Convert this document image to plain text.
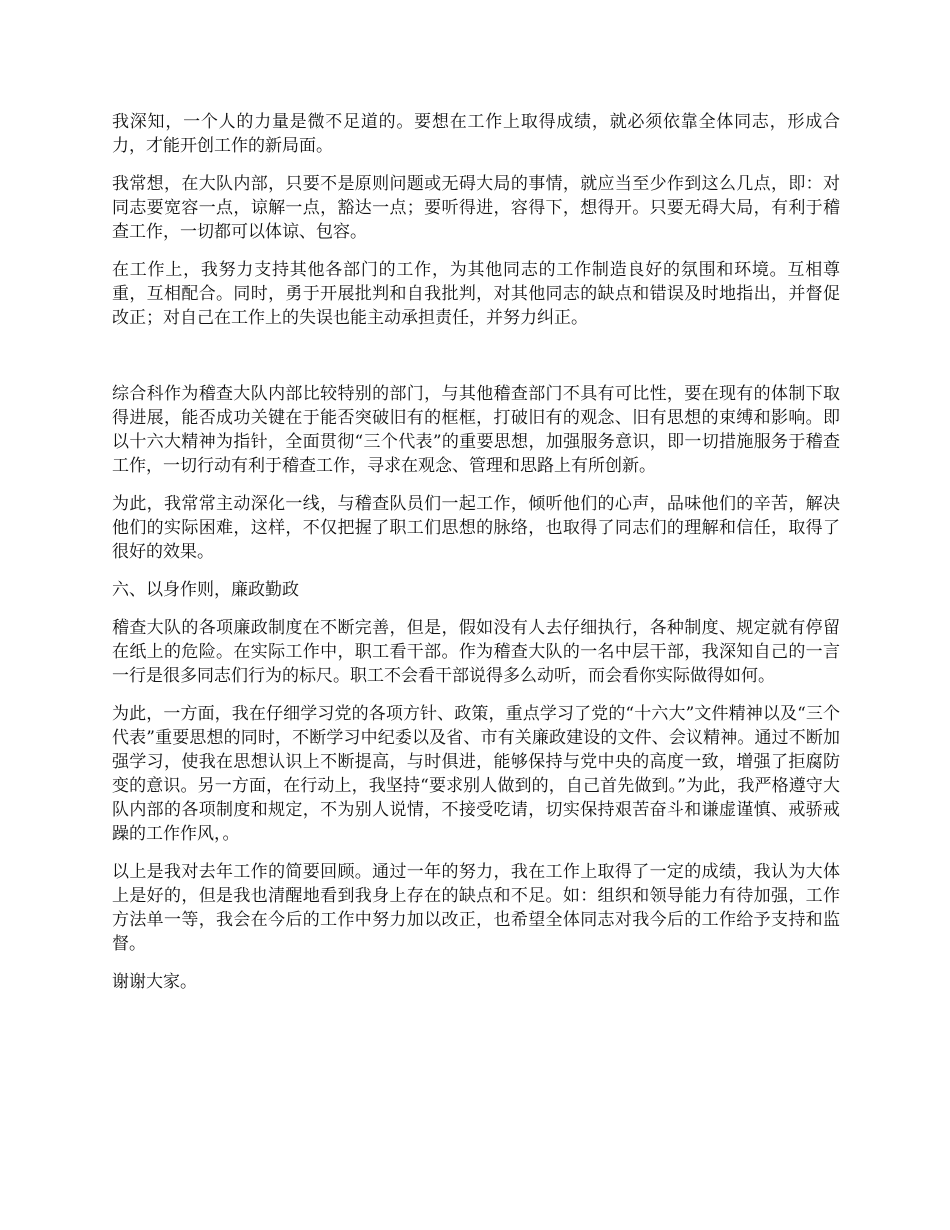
我深知，一个人的力量是微不足道的。要想在工作上取得成绩，就必须依靠全体同志，形成合力，才能开创工作的新局面。

我常想，在大队内部，只要不是原则问题或无碍大局的事情，就应当至少作到这么几点，即：对同志要宽容一点，谅解一点，豁达一点；要听得进，容得下，想得开。只要无碍大局，有利于稽查工作，一切都可以体谅、包容。

在工作上，我努力支持其他各部门的工作，为其他同志的工作制造良好的氛围和环境。互相尊重，互相配合。同时，勇于开展批判和自我批判，对其他同志的缺点和错误及时地指出，并督促改正；对自己在工作上的失误也能主动承担责任，并努力纠正。

综合科作为稽查大队内部比较特别的部门，与其他稽查部门不具有可比性，要在现有的体制下取得进展，能否成功关键在于能否突破旧有的框框，打破旧有的观念、旧有思想的束缚和影响。即以十六大精神为指针，全面贯彻“三个代表”的重要思想，加强服务意识，即一切措施服务于稽查工作，一切行动有利于稽查工作，寻求在观念、管理和思路上有所创新。

为此，我常常主动深化一线，与稽查队员们一起工作，倾听他们的心声，品味他们的辛苦，解决他们的实际困难，这样，不仅把握了职工们思想的脉络，也取得了同志们的理解和信任，取得了很好的效果。

六、以身作则，廉政勤政

稽查大队的各项廉政制度在不断完善，但是，假如没有人去仔细执行，各种制度、规定就有停留在纸上的危险。在实际工作中，职工看干部。作为稽查大队的一名中层干部，我深知自己的一言一行是很多同志们行为的标尺。职工不会看干部说得多么动听，而会看你实际做得如何。

为此，一方面，我在仔细学习党的各项方针、政策，重点学习了党的“十六大”文件精神以及“三个代表”重要思想的同时，不断学习中纪委以及省、市有关廉政建设的文件、会议精神。通过不断加强学习，使我在思想认识上不断提高，与时俱进，能够保持与党中央的高度一致，增强了拒腐防变的意识。另一方面，在行动上，我坚持“要求别人做到的，自己首先做到。”为此，我严格遵守大队内部的各项制度和规定，不为别人说情，不接受吃请，切实保持艰苦奋斗和谦虚谨慎、戒骄戒躁的工作作风，。

以上是我对去年工作的简要回顾。通过一年的努力，我在工作上取得了一定的成绩，我认为大体上是好的，但是我也清醒地看到我身上存在的缺点和不足。如：组织和领导能力有待加强，工作方法单一等，我会在今后的工作中努力加以改正，也希望全体同志对我今后的工作给予支持和监督。

谢谢大家。
